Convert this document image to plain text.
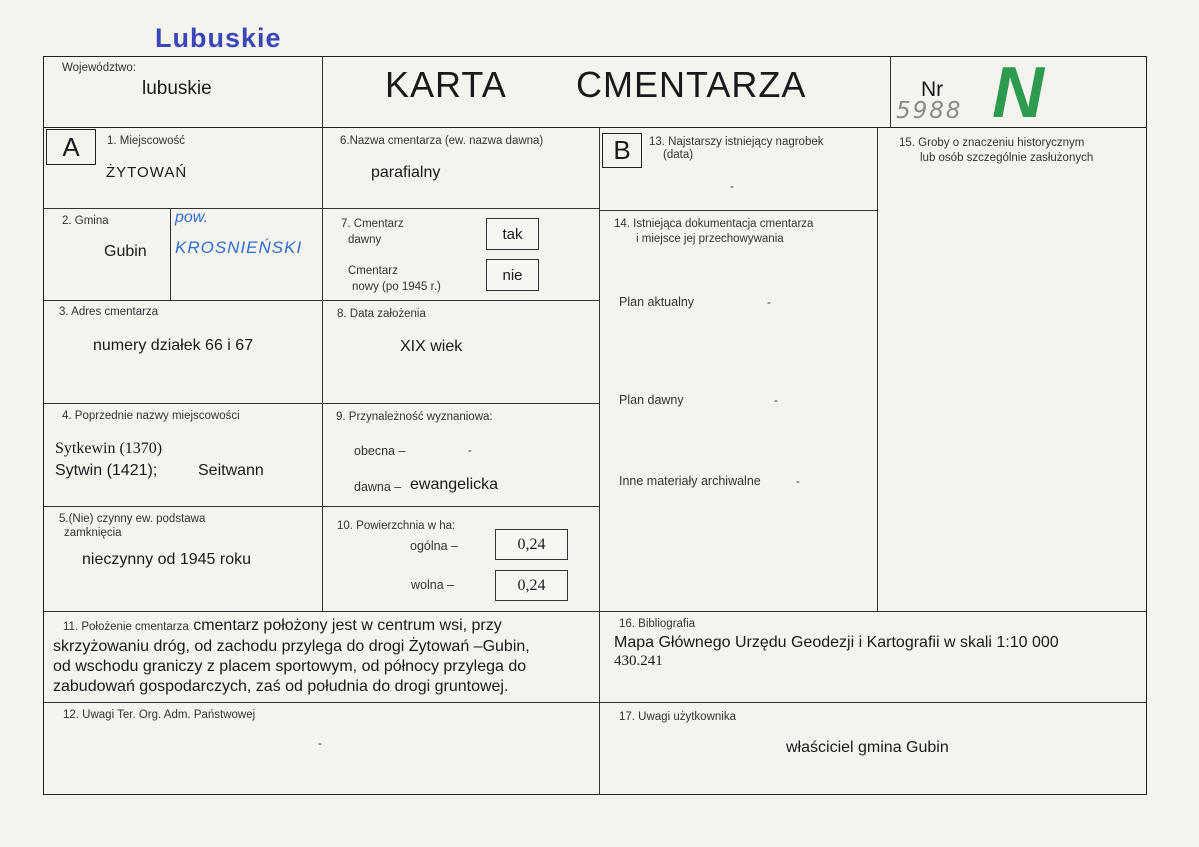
Lubuskie
Województwo:
lubuskie	KARTA CMENTARZA	Nr
5988 N
A	1. Miejscowość
ŻYTOWAŃ
2. Gmina
Gubin
pow.
KROSNIEŃSKI
3. Adres cmentarza
numery działek 66 i 67
4. Poprzednie nazwy miejscowości
Sytkewin (1370)
Sytwin (1421);	Seitwann
5.(Nie) czynny ew. podstawa
zamknięcia
nieczynny od 1945 roku
6.Nazwa cmentarza (ew. nazwa dawna)
parafialny
7. Cmentarz
dawny	tak
Cmentarz
nowy (po 1945 r.)
nie
8. Data założenia
XIX wiek
9. Przynależność wyznaniowa:
obecna –	-
dawna – ewangelicka
10. Powierzchnia w ha:
ogólna –	0,24
wolna –	0,24
B	13. Najstarszy istniejący nagrobek
(data)
-
14. Istniejąca dokumentacja cmentarza
i miejsce jej przechowywania
Plan aktualny	-
Plan dawny	-
Inne materiały archiwalne	-
15. Groby o znaczeniu historycznym
lub osób szczególnie zasłużonych
11. Położenie cmentarza cmentarz położony jest w centrum wsi, przy
skrzyżowaniu dróg, od zachodu przylega do drogi Żytowań –Gubin,
od wschodu graniczy z placem sportowym, od północy przylega do
zabudowań gospodarczych, zaś od południa do drogi gruntowej.
16. Bibliografia
Mapa Głównego Urzędu Geodezji i Kartografii w skali 1:10 000
430.241
12. Uwagi Ter. Org. Adm. Państwowej
-
17. Uwagi użytkownika
właściciel gmina Gubin
